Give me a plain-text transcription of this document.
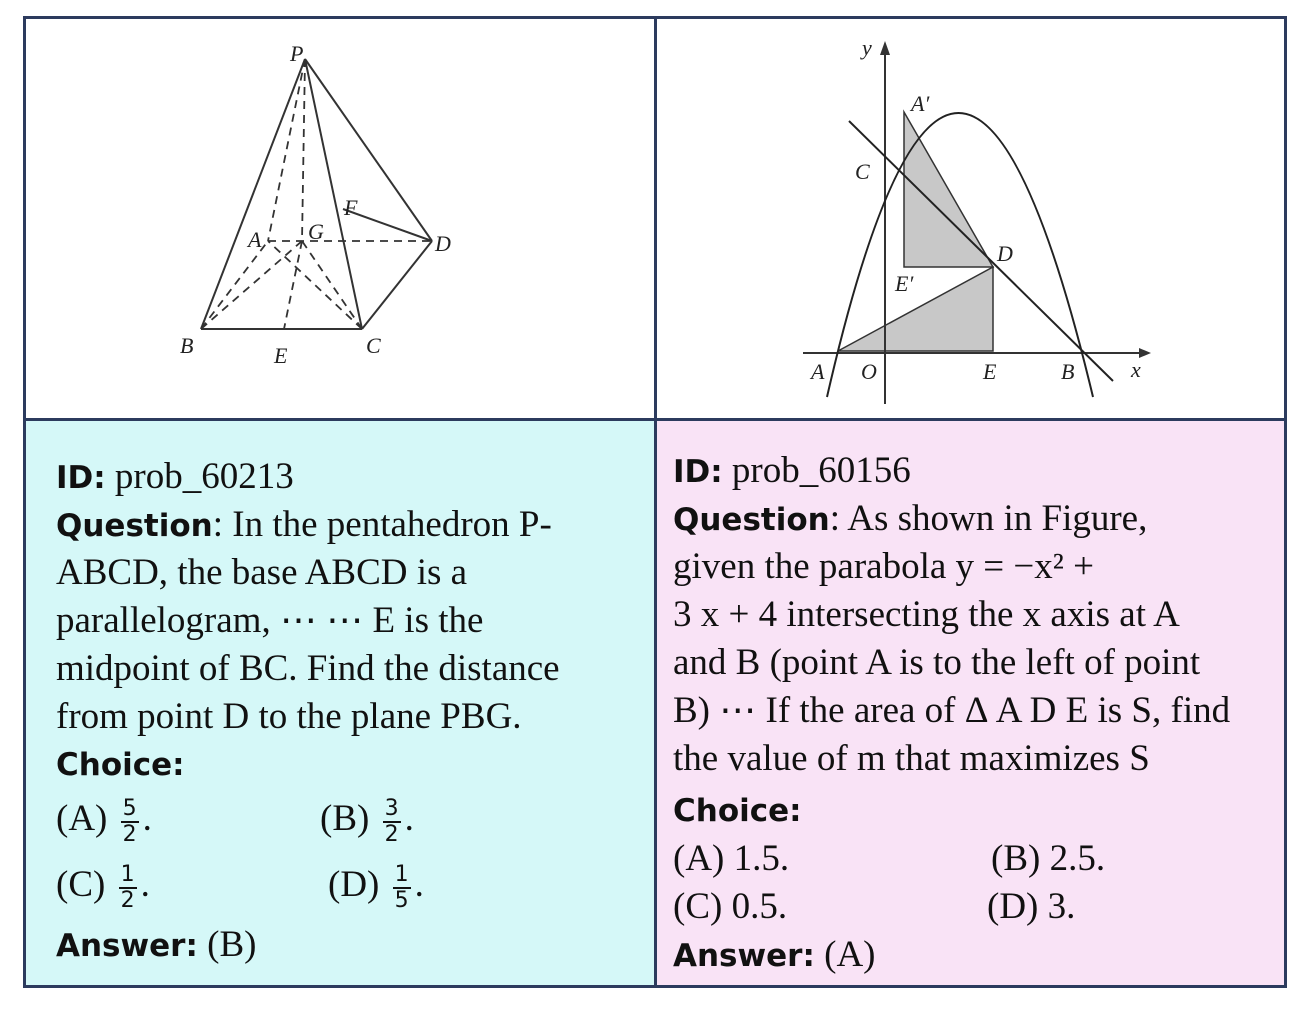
P
A G
F
D
B	E	C
y
A′
C
D
E′
A O	E	B	x
ID: prob_60213
Question: In the pentahedron P-
ABCD, the base ABCD is a
parallelogram, ⋯ ⋯ E is the
midpoint of BC. Find the distance
from point D to the plane PBG.
Choice:
$(A) \frac{5}{2}$ .	$(B) \frac{3}{2}$ .
$(C) \frac{1}{2}$ .	$(D) \frac{1}{5}$ .
Answer: (B)
ID: prob_60156
Question: As shown in Figure,
given the parabola y = −x² +
3 x + 4 intersecting the x axis at A
and B (point A is to the left of point
B) ⋯ If the area of Δ A D E is S, find
the value of m that maximizes S
Choice:
(A) 1.5.	(B) 2.5.
(C) 0.5.	(D) 3.
Answer: (A)
